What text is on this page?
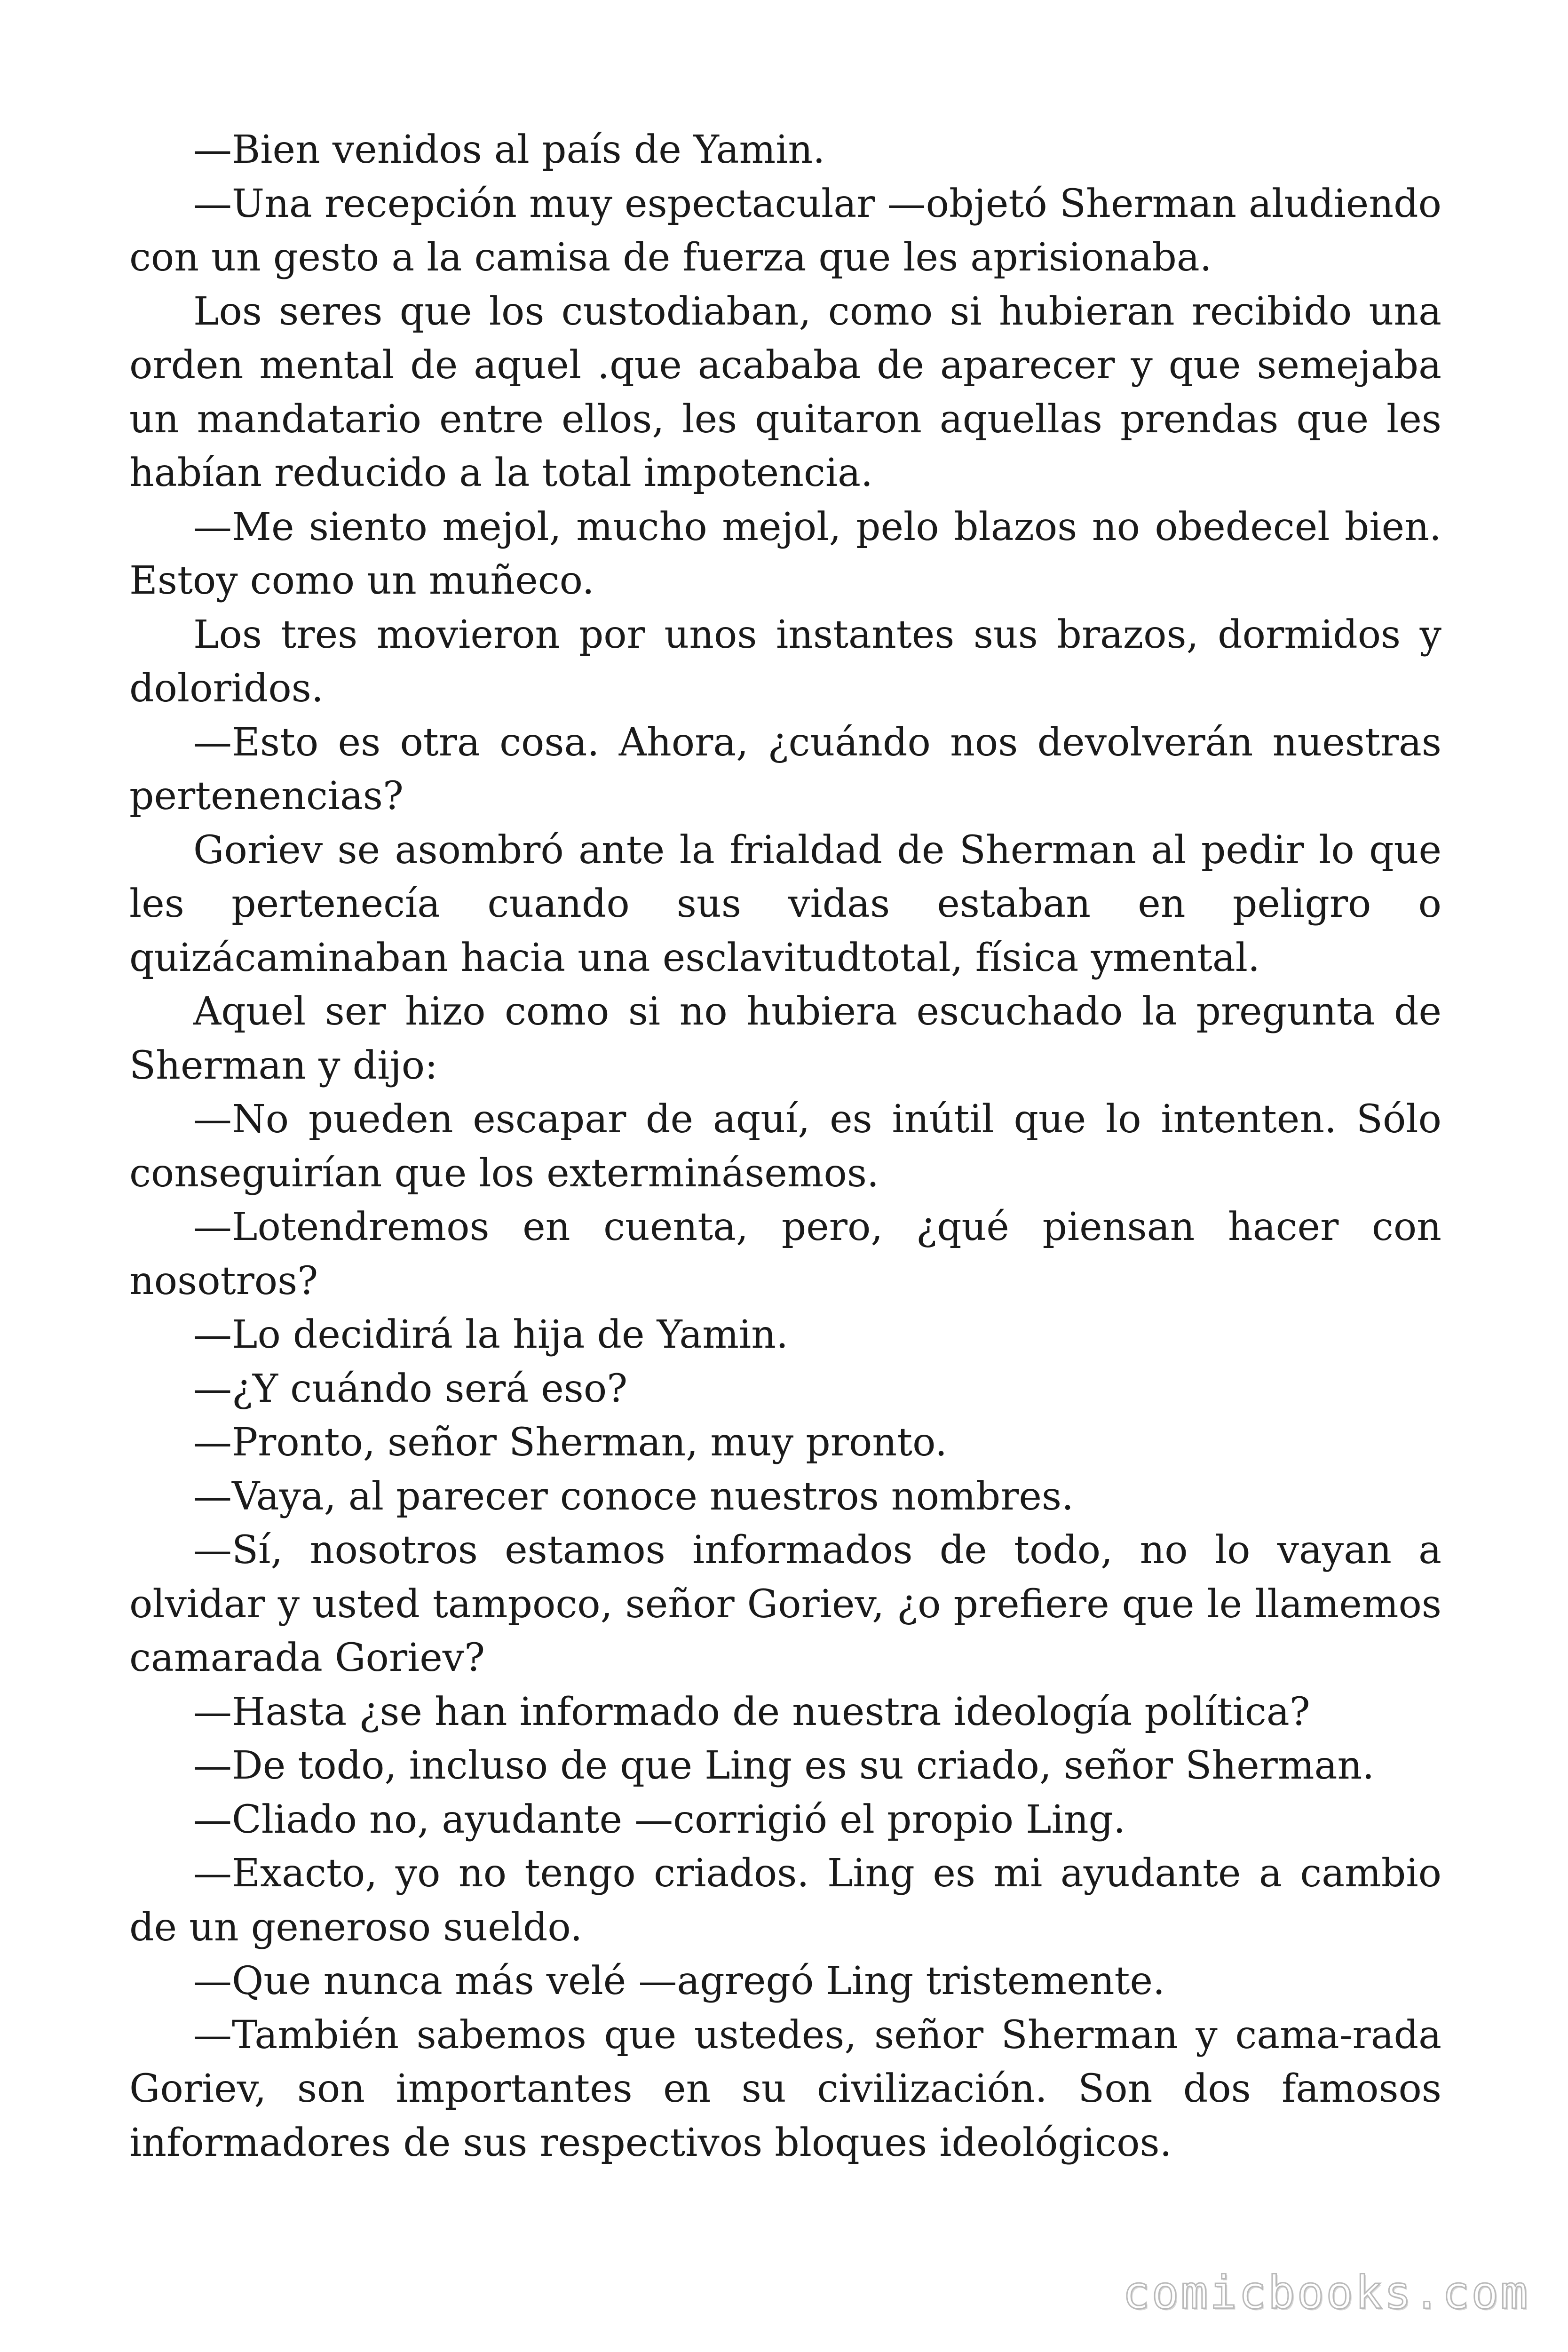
—Bien venidos al país de Yamin.

—Una recepción muy espectacular —objetó Sherman aludiendo con un gesto a la camisa de fuerza que les aprisionaba.

Los seres que los custodiaban, como si hubieran recibido una orden mental de aquel .que acababa de aparecer y que semejaba un mandatario entre ellos, les quitaron aquellas prendas que les habían reducido a la total impotencia.

—Me siento mejol, mucho mejol, pelo blazos no obedecel bien. Estoy como un muñeco.

Los tres movieron por unos instantes sus brazos, dormidos y doloridos.

—Esto es otra cosa. Ahora, ¿cuándo nos devolverán nuestras pertenencias?

Goriev se asombró ante la frialdad de Sherman al pedir lo que les pertenecía cuando sus vidas estaban en peligro o quizácaminaban hacia una esclavitudtotal, física ymental.

Aquel ser hizo como si no hubiera escuchado la pregunta de Sherman y dijo:

—No pueden escapar de aquí, es inútil que lo intenten. Sólo conseguirían que los exterminásemos.

—Lotendremos en cuenta, pero, ¿qué piensan hacer con nosotros?

—Lo decidirá la hija de Yamin.

—¿Y cuándo será eso?

—Pronto, señor Sherman, muy pronto.

—Vaya, al parecer conoce nuestros nombres.

—Sí, nosotros estamos informados de todo, no lo vayan a olvidar y usted tampoco, señor Goriev, ¿o prefiere que le llamemos camarada Goriev?

—Hasta ¿se han informado de nuestra ideología política?

—De todo, incluso de que Ling es su criado, señor Sherman.

—Cliado no, ayudante —corrigió el propio Ling.

—Exacto, yo no tengo criados. Ling es mi ayudante a cambio de un generoso sueldo.

—Que nunca más velé —agregó Ling tristemente.

—También sabemos que ustedes, señor Sherman y cama-rada Goriev, son importantes en su civilización. Son dos famosos informadores de sus respectivos bloques ideológicos.

comicbooks.com
